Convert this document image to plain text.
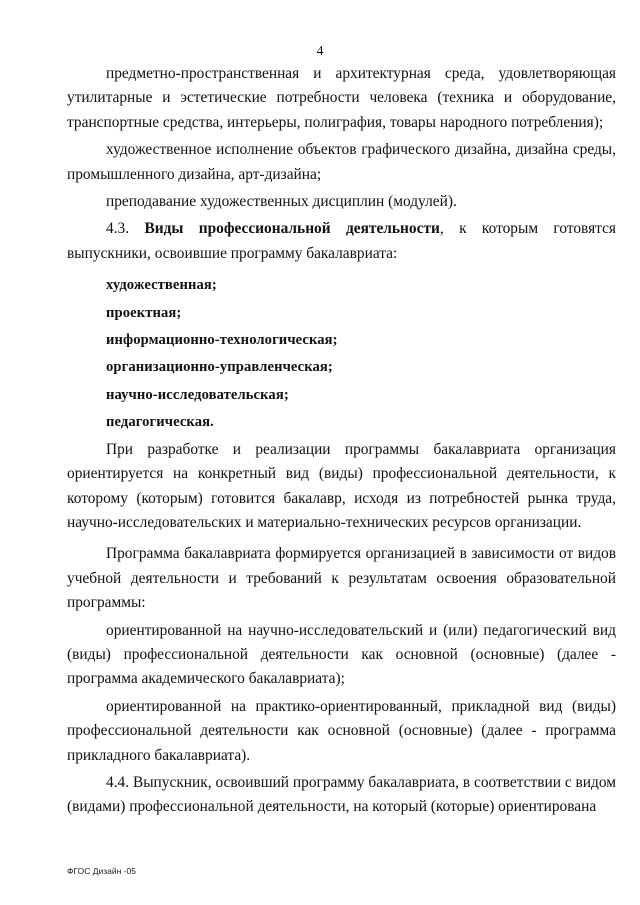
4

предметно-пространственная и архитектурная среда, удовлетворяющая утилитарные и эстетические потребности человека (техника и оборудование, транспортные средства, интерьеры, полиграфия, товары народного потребления);

художественное исполнение объектов графического дизайна, дизайна среды, промышленного дизайна, арт-дизайна;

преподавание художественных дисциплин (модулей).

4.3. Виды профессиональной деятельности, к которым готовятся выпускники, освоившие программу бакалавриата:

художественная;

проектная;

информационно-технологическая;

организационно-управленческая;

научно-исследовательская;

педагогическая.

При разработке и реализации программы бакалавриата организация ориентируется на конкретный вид (виды) профессиональной деятельности, к которому (которым) готовится бакалавр, исходя из потребностей рынка труда, научно-исследовательских и материально-технических ресурсов организации.

Программа бакалавриата формируется организацией в зависимости от видов учебной деятельности и требований к результатам освоения образовательной программы:

ориентированной на научно-исследовательский и (или) педагогический вид (виды) профессиональной деятельности как основной (основные) (далее - программа академического бакалавриата);

ориентированной на практико-ориентированный, прикладной вид (виды) профессиональной деятельности как основной (основные) (далее - программа прикладного бакалавриата).

4.4. Выпускник, освоивший программу бакалавриата, в соответствии с видом (видами) профессиональной деятельности, на который (которые) ориентирована

ФГОС Дизайн -05
